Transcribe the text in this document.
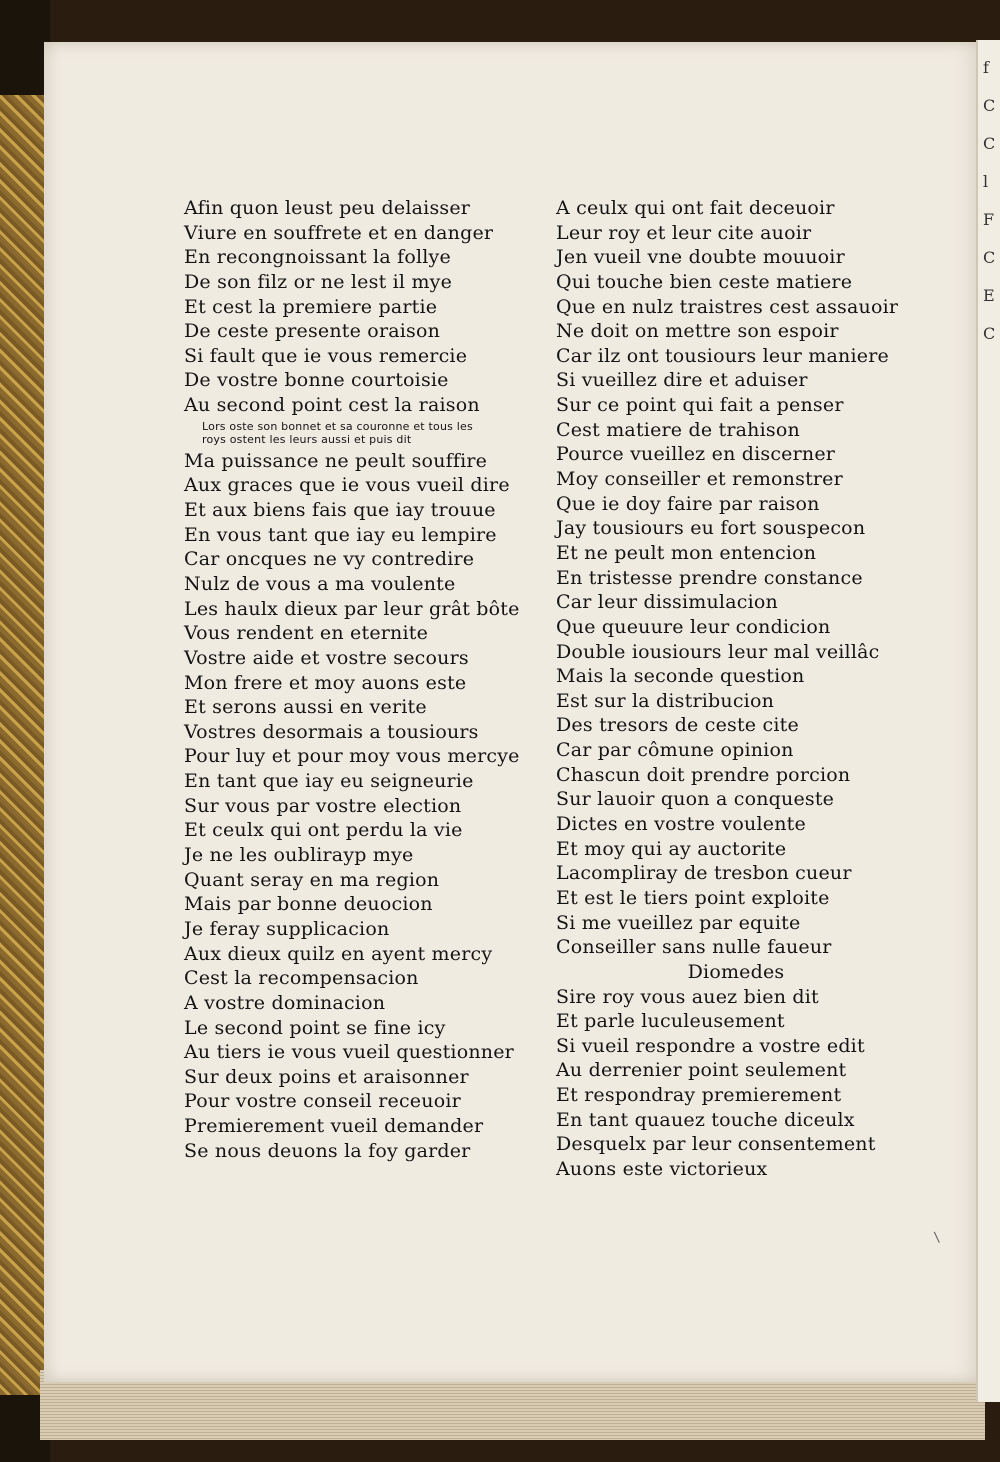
f
C
C
l
F
C
E
C
Afin quon leust peu delaisser
Viure en souffrete et en danger
En recongnoissant la follye
De son filz or ne lest il mye
Et cest la premiere partie
De ceste presente oraison
Si fault que ie vous remercie
De vostre bonne courtoisie
Au second point cest la raison
Lors oste son bonnet et sa couronne et tous les
roys ostent les leurs aussi et puis dit
Ma puissance ne peult souffire
Aux graces que ie vous vueil dire
Et aux biens fais que iay trouue
En vous tant que iay eu lempire
Car oncques ne vy contredire
Nulz de vous a ma voulente
Les haulx dieux par leur grât bôte
Vous rendent en eternite
Vostre aide et vostre secours
Mon frere et moy auons este
Et serons aussi en verite
Vostres desormais a tousiours
Pour luy et pour moy vous mercye
En tant que iay eu seigneurie
Sur vous par vostre election
Et ceulx qui ont perdu la vie
Je ne les oublirayp mye
Quant seray en ma region
Mais par bonne deuocion
Je feray supplicacion
Aux dieux quilz en ayent mercy
Cest la recompensacion
A vostre dominacion
Le second point se fine icy
Au tiers ie vous vueil questionner
Sur deux poins et araisonner
Pour vostre conseil receuoir
Premierement vueil demander
Se nous deuons la foy garder
A ceulx qui ont fait deceuoir
Leur roy et leur cite auoir
Jen vueil vne doubte mouuoir
Qui touche bien ceste matiere
Que en nulz traistres cest assauoir
Ne doit on mettre son espoir
Car ilz ont tousiours leur maniere
Si vueillez dire et aduiser
Sur ce point qui fait a penser
Cest matiere de trahison
Pource vueillez en discerner
Moy conseiller et remonstrer
Que ie doy faire par raison
Jay tousiours eu fort souspecon
Et ne peult mon entencion
En tristesse prendre constance
Car leur dissimulacion
Que queuure leur condicion
Double iousiours leur mal veillâc
Mais la seconde question
Est sur la distribucion
Des tresors de ceste cite
Car par cômune opinion
Chascun doit prendre porcion
Sur lauoir quon a conqueste
Dictes en vostre voulente
Et moy qui ay auctorite
Lacompliray de tresbon cueur
Et est le tiers point exploite
Si me vueillez par equite
Conseiller sans nulle faueur
Diomedes
Sire roy vous auez bien dit
Et parle luculeusement
Si vueil respondre a vostre edit
Au derrenier point seulement
Et respondray premierement
En tant quauez touche diceulx
Desquelx par leur consentement
Auons este victorieux
